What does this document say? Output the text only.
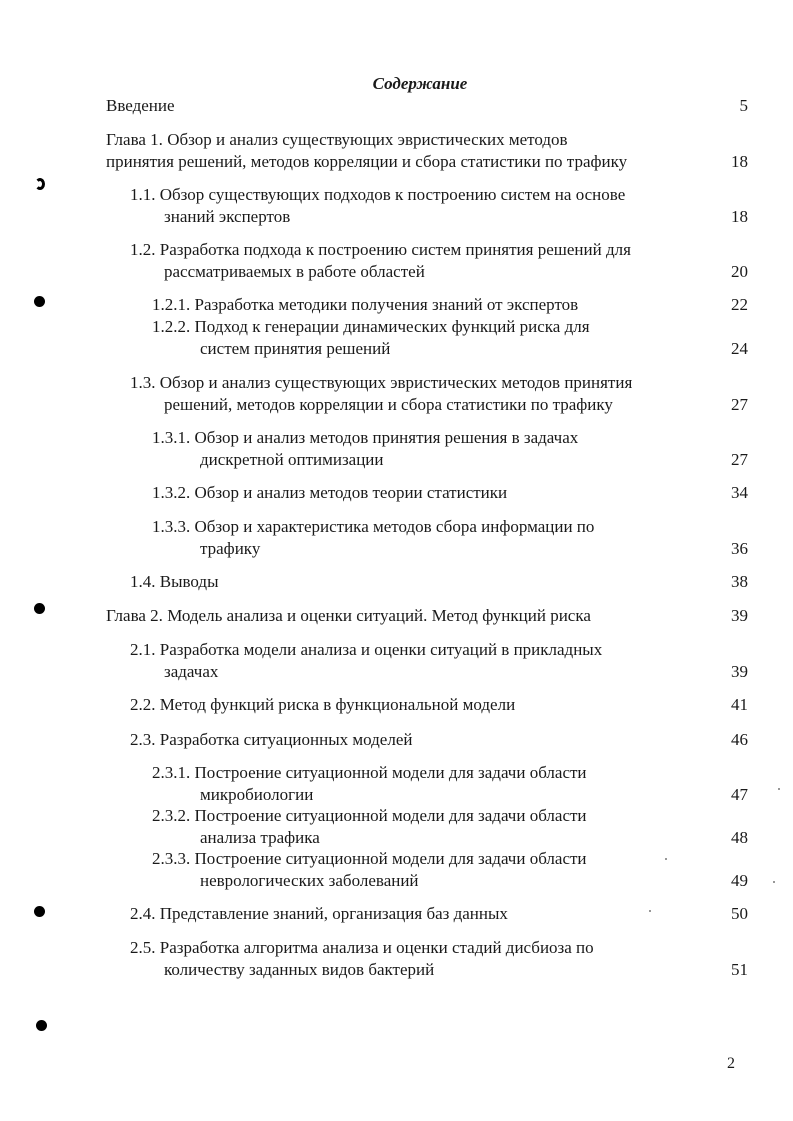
Содержание
Введение	5
Глава 1. Обзор и анализ существующих эвристических методов
принятия решений, методов корреляции и сбора статистики по трафику	18
1.1. Обзор существующих подходов к построению систем на основе
знаний экспертов	18
1.2. Разработка подхода к построению систем принятия решений для
рассматриваемых в работе областей	20
1.2.1. Разработка методики получения знаний от экспертов	22
1.2.2. Подход к генерации динамических функций риска для
систем принятия решений	24
1.3. Обзор и анализ существующих эвристических методов принятия
решений, методов корреляции и сбора статистики по трафику	27
1.3.1. Обзор и анализ методов принятия решения в задачах
дискретной оптимизации	27
1.3.2. Обзор и анализ методов теории статистики	34
1.3.3. Обзор и характеристика методов сбора информации по
трафику	36
1.4. Выводы	38
Глава 2. Модель анализа и оценки ситуаций. Метод функций риска	39
2.1. Разработка модели анализа и оценки ситуаций в прикладных
задачах	39
2.2. Метод функций риска в функциональной модели	41
2.3. Разработка ситуационных моделей	46
2.3.1. Построение ситуационной модели для задачи области
микробиологии	47
2.3.2. Построение ситуационной модели для задачи области
анализа трафика	48
2.3.3. Построение ситуационной модели для задачи области
неврологических заболеваний	49
2.4. Представление знаний, организация баз данных	50
2.5. Разработка алгоритма анализа и оценки стадий дисбиоза по
количеству заданных видов бактерий	51
2
